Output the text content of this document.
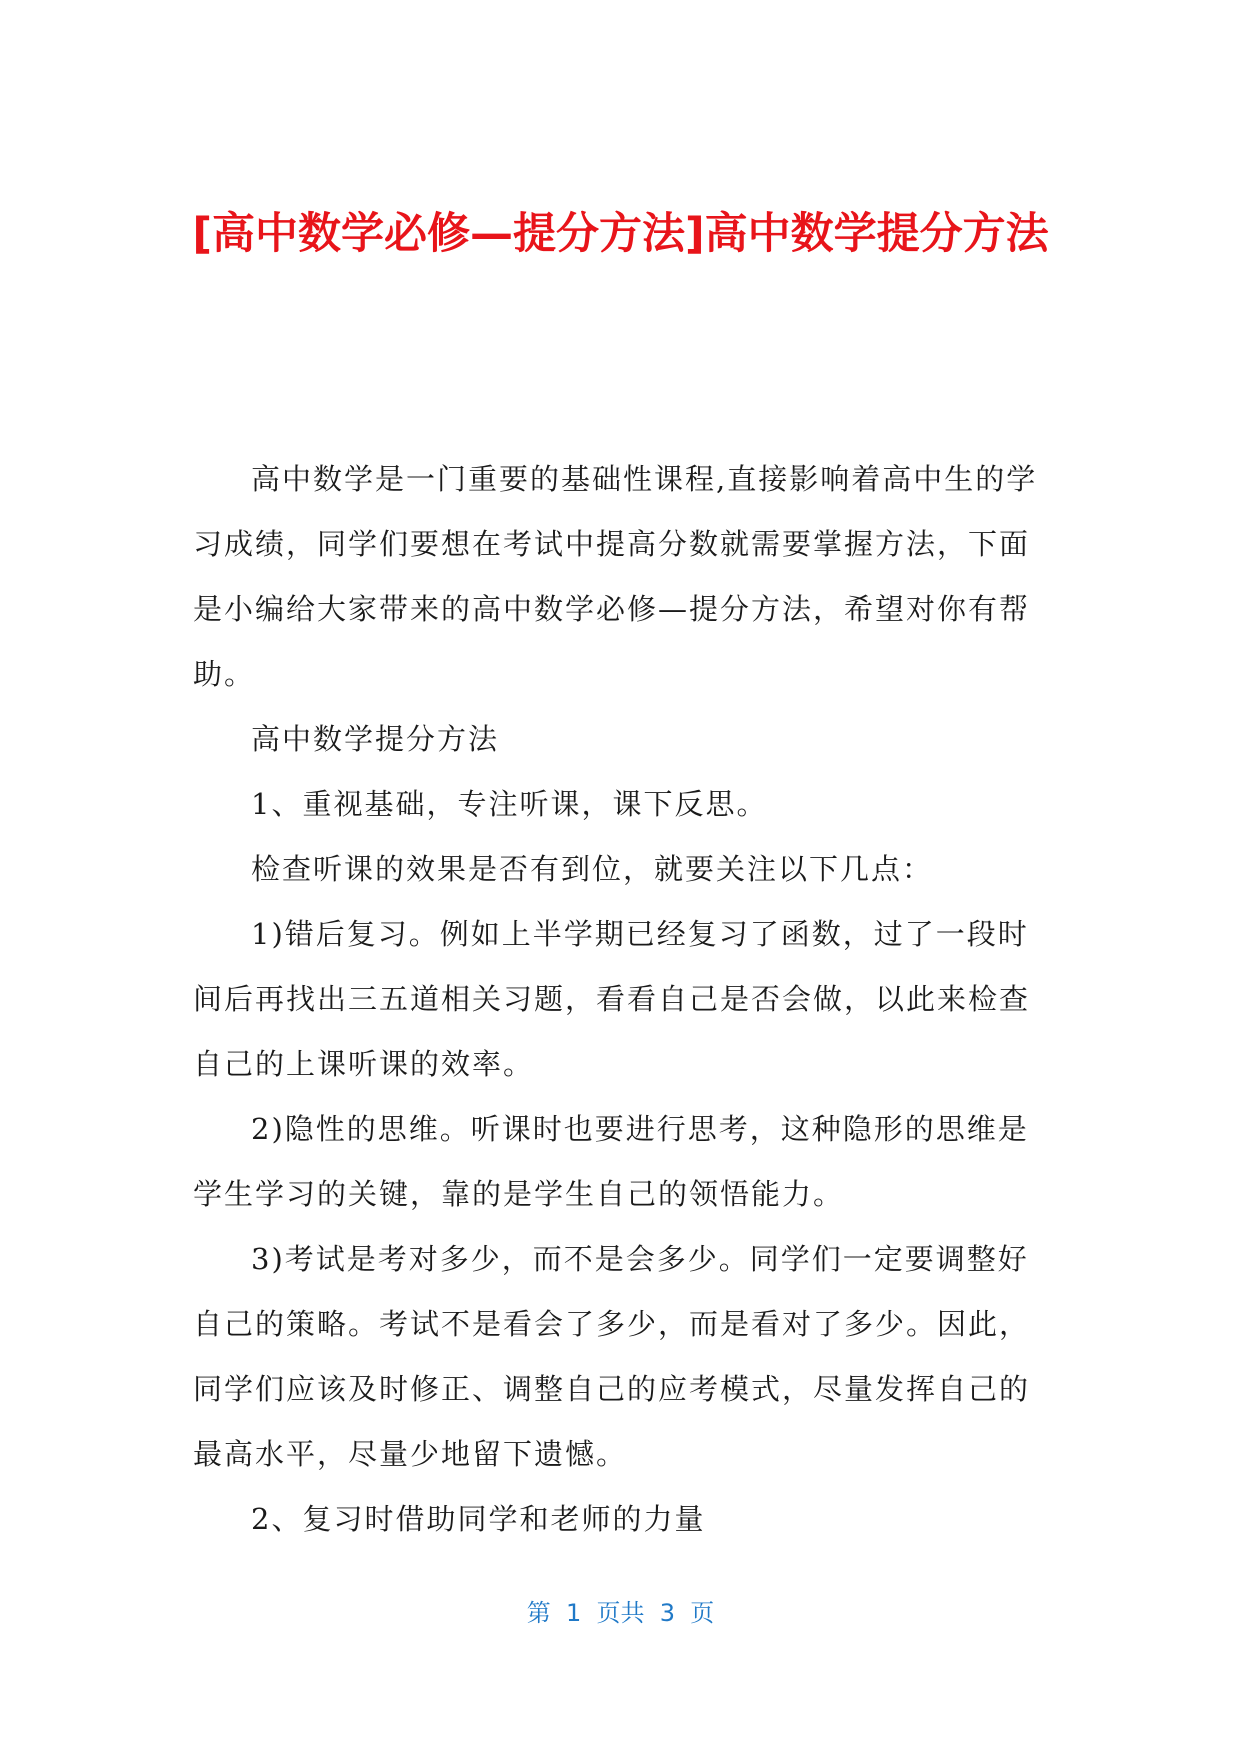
[高中数学必修—提分方法]高中数学提分方法

高中数学是一门重要的基础性课程,直接影响着高中生的学习成绩，同学们要想在考试中提高分数就需要掌握方法，下面是小编给大家带来的高中数学必修—提分方法，希望对你有帮助。

高中数学提分方法

1、重视基础，专注听课，课下反思。

检查听课的效果是否有到位，就要关注以下几点：

1)错后复习。例如上半学期已经复习了函数，过了一段时间后再找出三五道相关习题，看看自己是否会做，以此来检查自己的上课听课的效率。

2)隐性的思维。听课时也要进行思考，这种隐形的思维是学生学习的关键，靠的是学生自己的领悟能力。

3)考试是考对多少，而不是会多少。同学们一定要调整好自己的策略。考试不是看会了多少，而是看对了多少。因此，同学们应该及时修正、调整自己的应考模式，尽量发挥自己的最高水平，尽量少地留下遗憾。

2、复习时借助同学和老师的力量

第  1  页共  3  页
